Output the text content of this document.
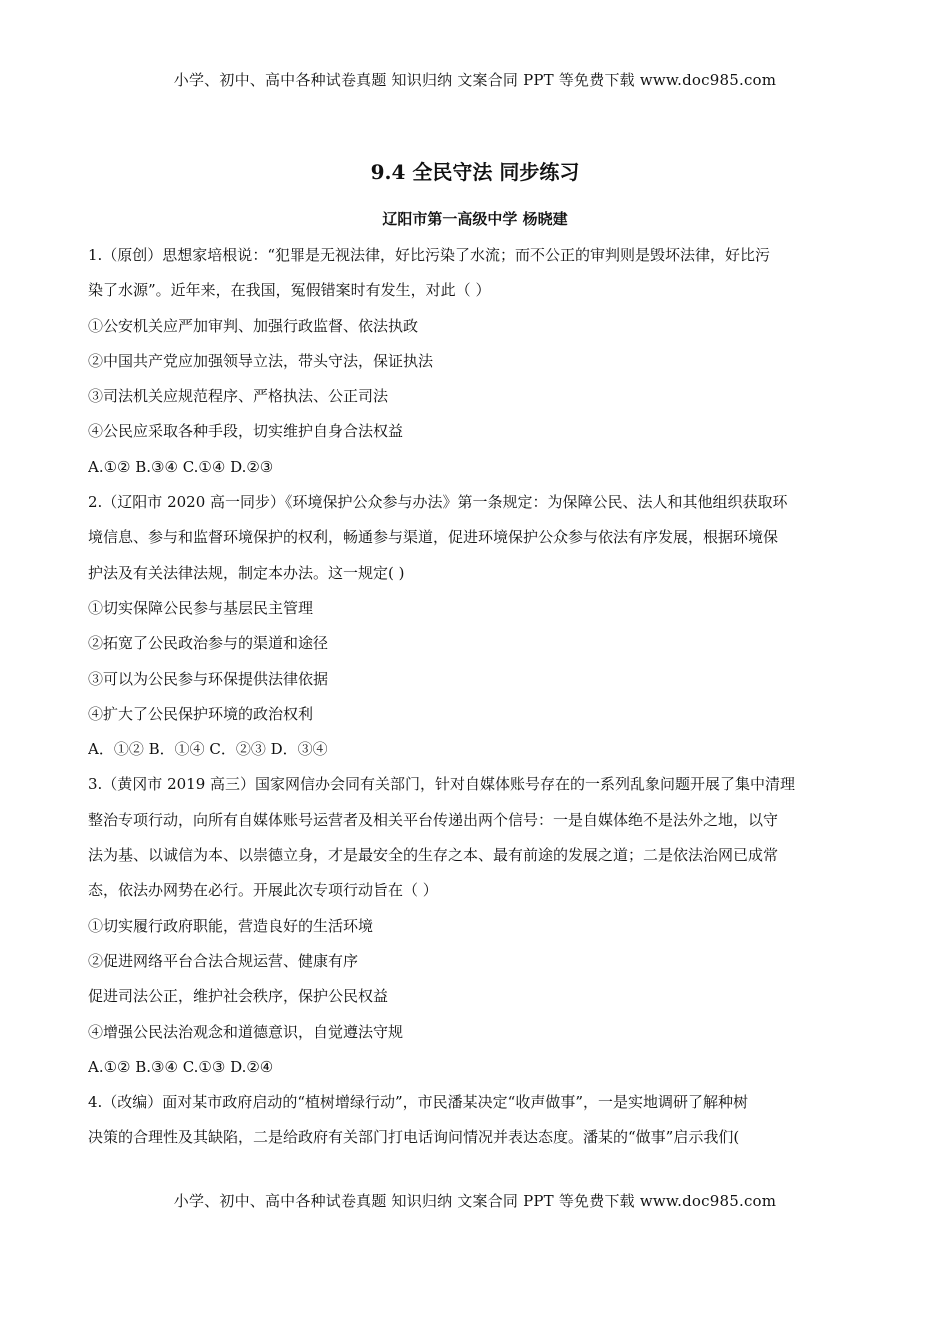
小学、初中、高中各种试卷真题 知识归纳 文案合同 PPT 等免费下载 www.doc985.com
9.4 全民守法 同步练习
辽阳市第一高级中学 杨晓建
1.（原创）思想家培根说：“犯罪是无视法律，好比污染了水流；而不公正的审判则是毁坏法律，好比污
染了水源”。近年来，在我国，冤假错案时有发生，对此（ ）
①公安机关应严加审判、加强行政监督、依法执政
②中国共产党应加强领导立法，带头守法，保证执法
③司法机关应规范程序、严格执法、公正司法
④公民应采取各种手段，切实维护自身合法权益
A.①② B.③④ C.①④ D.②③
2.（辽阳市 2020 高一同步）《环境保护公众参与办法》第一条规定：为保障公民、法人和其他组织获取环
境信息、参与和监督环境保护的权利，畅通参与渠道，促进环境保护公众参与依法有序发展，根据环境保
护法及有关法律法规，制定本办法。这一规定( )
①切实保障公民参与基层民主管理
②拓宽了公民政治参与的渠道和途径
③可以为公民参与环保提供法律依据
④扩大了公民保护环境的政治权利
A．①② B．①④ C．②③ D．③④
3.（黄冈市 2019 高三）国家网信办会同有关部门，针对自媒体账号存在的一系列乱象问题开展了集中清理
整治专项行动，向所有自媒体账号运营者及相关平台传递出两个信号：一是自媒体绝不是法外之地，以守
法为基、以诚信为本、以崇德立身，才是最安全的生存之本、最有前途的发展之道；二是依法治网已成常
态，依法办网势在必行。开展此次专项行动旨在（ ）
①切实履行政府职能，营造良好的生活环境
②促进网络平台合法合规运营、健康有序
促进司法公正，维护社会秩序，保护公民权益
④增强公民法治观念和道德意识，自觉遵法守规
A.①② B.③④ C.①③ D.②④
4.（改编）面对某市政府启动的“植树增绿行动”，市民潘某决定“收声做事”，一是实地调研了解种树
决策的合理性及其缺陷，二是给政府有关部门打电话询问情况并表达态度。潘某的“做事”启示我们(
小学、初中、高中各种试卷真题 知识归纳 文案合同 PPT 等免费下载 www.doc985.com
